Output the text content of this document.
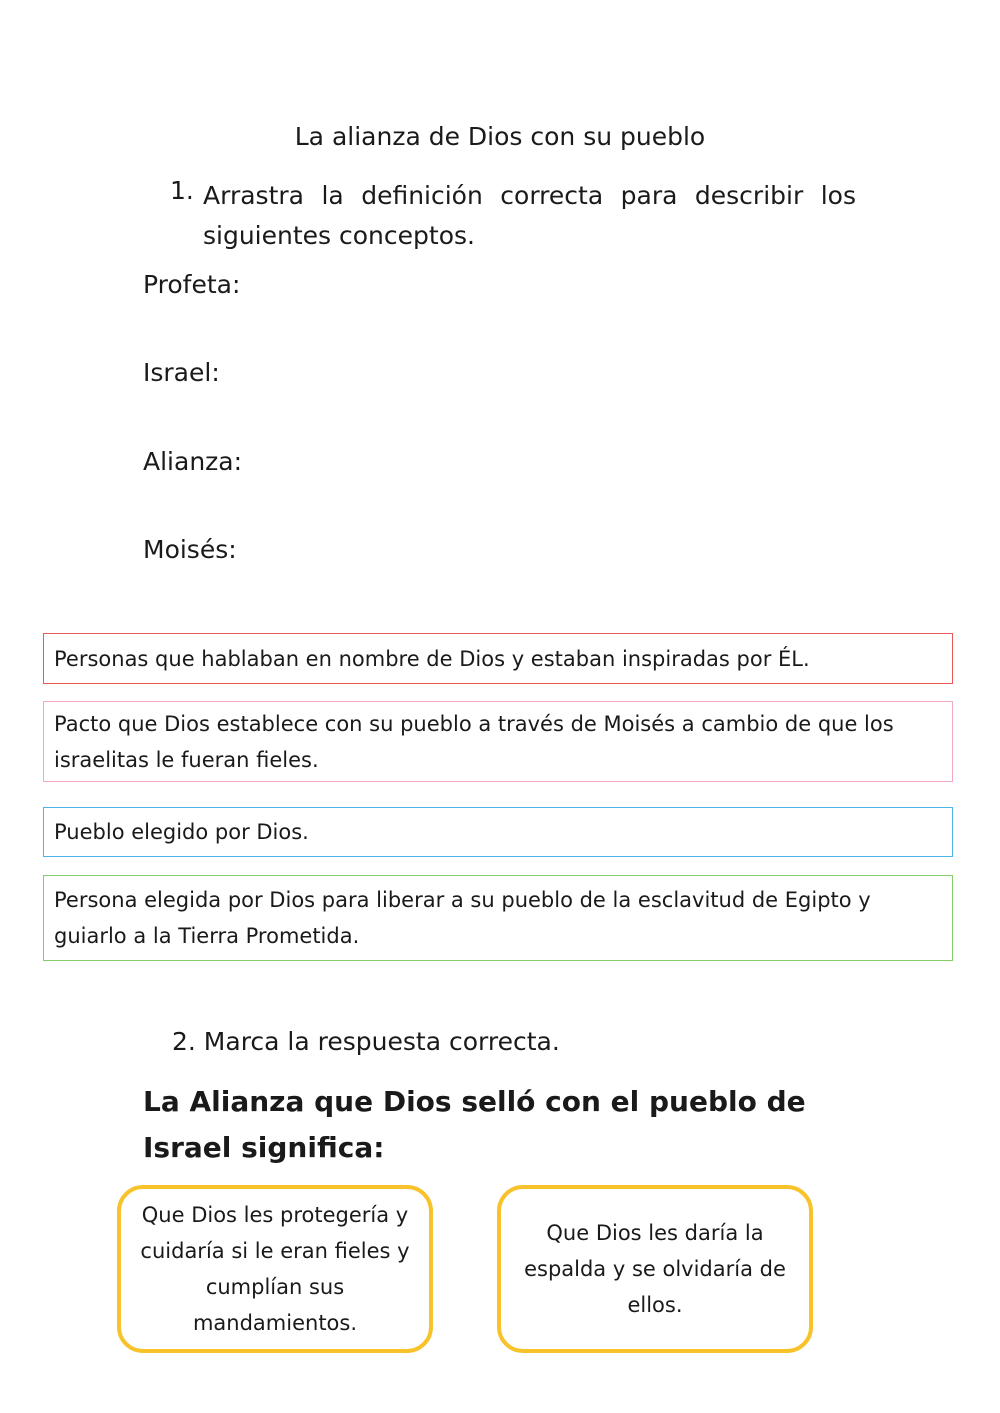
La alianza de Dios con su pueblo
1. Arrastra la definición correcta para describir los siguientes conceptos.
Profeta:
Israel:
Alianza:
Moisés:
Personas que hablaban en nombre de Dios y estaban inspiradas por ÉL.
Pacto que Dios establece con su pueblo a través de Moisés a cambio de que los israelitas le fueran fieles.
Pueblo elegido por Dios.
Persona elegida por Dios para liberar a su pueblo de la esclavitud de Egipto y guiarlo a la Tierra Prometida.
2. Marca la respuesta correcta.
La Alianza que Dios selló con el pueblo de Israel significa:
Que Dios les protegería y cuidaría si le eran fieles y cumplían sus mandamientos.
Que Dios les daría la espalda y se olvidaría de ellos.
